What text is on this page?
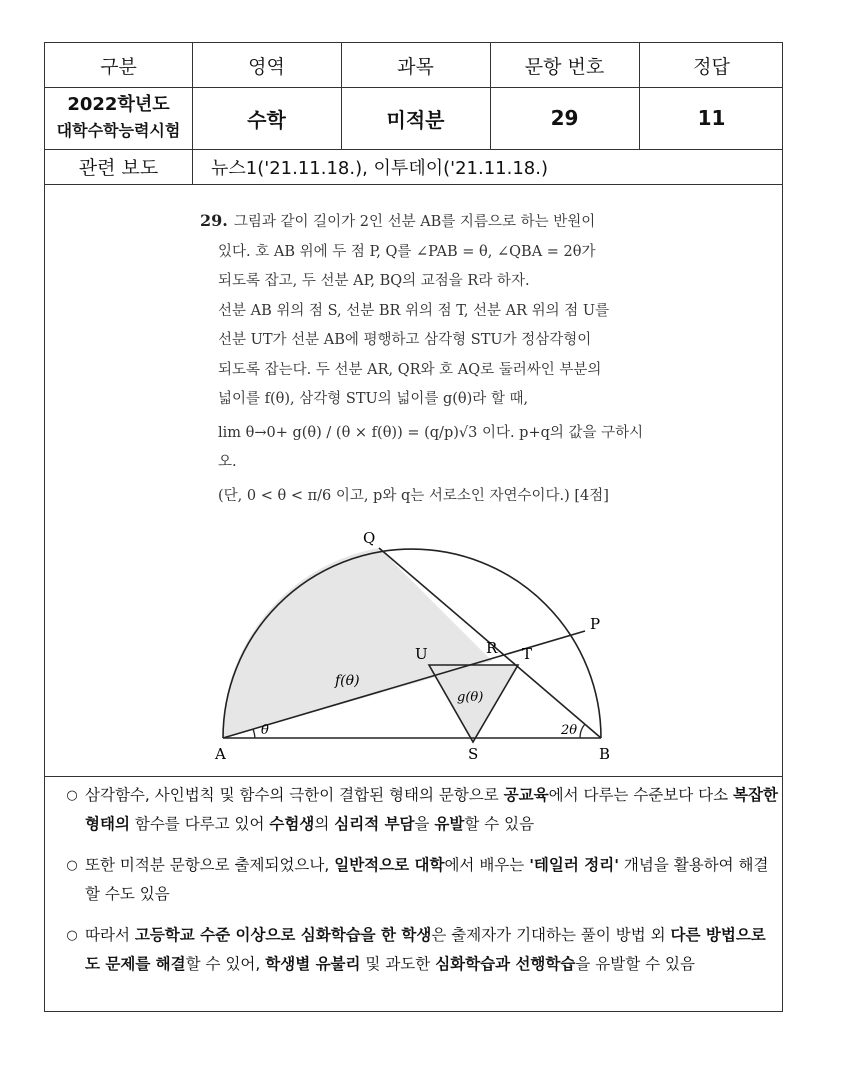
구분	영역	과목	문항 번호	정답
2022학년도
대학수학능력시험	수학	미적분	29	11
관련 보도	뉴스1('21.11.18.), 이투데이('21.11.18.)

29. 그림과 같이 길이가 2인 선분 AB를 지름으로 하는 반원이

있다. 호 AB 위에 두 점 P, Q를 ∠PAB = θ, ∠QBA = 2θ가

되도록 잡고, 두 선분 AP, BQ의 교점을 R라 하자.

선분 AB 위의 점 S, 선분 BR 위의 점 T, 선분 AR 위의 점 U를

선분 UT가 선분 AB에 평행하고 삼각형 STU가 정삼각형이

되도록 잡는다. 두 선분 AR, QR와 호 AQ로 둘러싸인 부분의

넓이를 f(θ), 삼각형 STU의 넓이를 g(θ)라 할 때,

lim θ→0+ g(θ) / (θ × f(θ)) = (q/p)√3 이다. p+q의 값을 구하시오.

(단, 0 < θ < π/6 이고, p와 q는 서로소인 자연수이다.) [4점]

Q
P
R
U	T
A	S	B
f(θ)
g(θ)
θ	2θ
○ 삼각함수, 사인법칙 및 함수의 극한이 결합된 형태의 문항으로 공교육에서 다루는 수준보다 다소 복잡한 형태의 함수를 다루고 있어 수험생의 심리적 부담을 유발할 수 있음
○ 또한 미적분 문항으로 출제되었으나, 일반적으로 대학에서 배우는 '테일러 정리' 개념을 활용하여 해결할 수도 있음
○ 따라서 고등학교 수준 이상으로 심화학습을 한 학생은 출제자가 기대하는 풀이 방법 외 다른 방법으로도 문제를 해결할 수 있어, 학생별 유불리 및 과도한 심화학습과 선행학습을 유발할 수 있음
